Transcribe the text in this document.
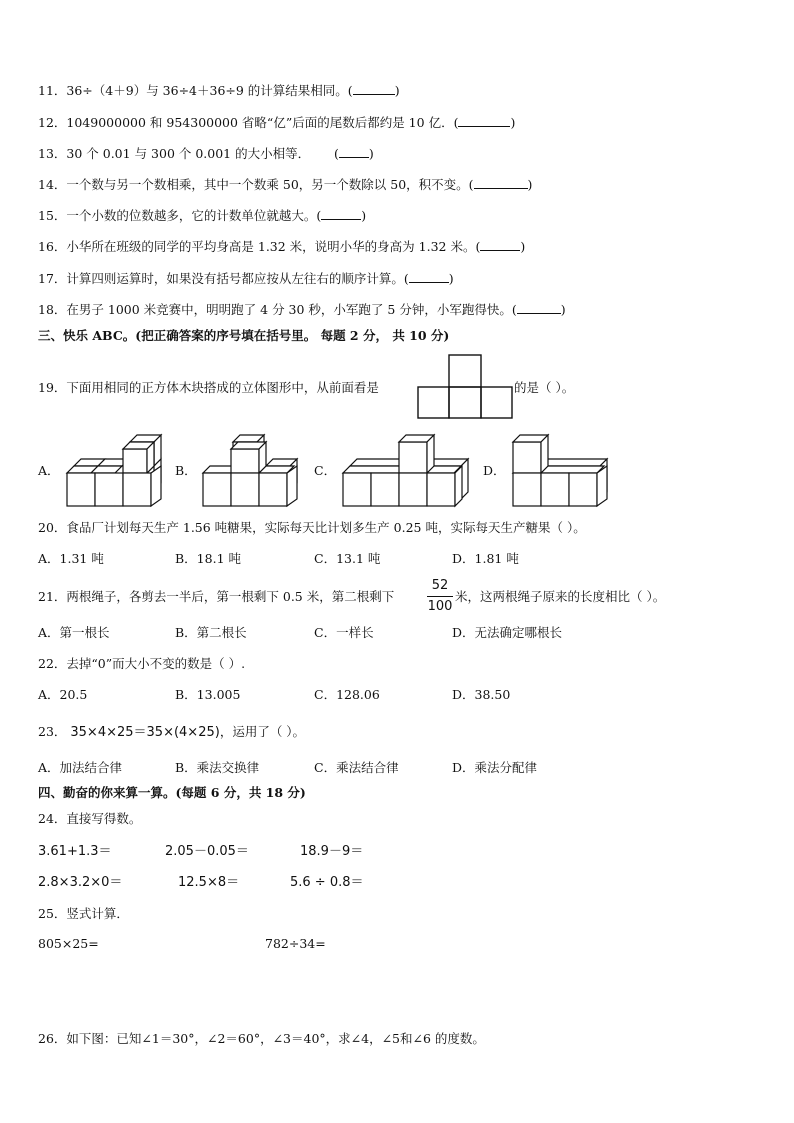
11．36÷（4＋9）与 36÷4＋36÷9 的计算结果相同。(	)
12．1049000000 和 954300000 省略“亿”后面的尾数后都约是 10 亿．(	)
13．30 个 0.01 与 300 个 0.001 的大小相等．      ( )
14．一个数与另一个数相乘，其中一个数乘 50，另一个数除以 50，积不变。(	)
15．一个小数的位数越多，它的计数单位就越大。(	)
16．小华所在班级的同学的平均身高是 1.32 米，说明小华的身高为 1.32 米。(	)
17．计算四则运算时，如果没有括号都应按从左往右的顺序计算。(	)
18．在男子 1000 米竞赛中，明明跑了 4 分 30 秒，小军跑了 5 分钟，小军跑得快。(	)
三、快乐 ABC。(把正确答案的序号填在括号里。 每题 2 分， 共 10 分)
19．下面用相同的正方体木块搭成的立体图形中，从前面看是	的是（ ）。
A．	B．	C．	D．
20．食品厂计划每天生产 1.56 吨糖果，实际每天比计划多生产 0.25 吨，实际每天生产糖果（ ）。
A．1.31 吨	B．18.1 吨	C．13.1 吨	D．1.81 吨
21．两根绳子，各剪去一半后，第一根剩下 0.5 米，第二根剩下
52
100
米，这两根绳子原来的长度相比（ ）。
A．第一根长	B．第二根长	C．一样长	D．无法确定哪根长
22．去掉“0”而大小不变的数是（ ）.
A．20.5	B．13.005	C．128.06	D．38.50
23． 35×4×25＝35×(4×25)，运用了（ ）。
A．加法结合律	B．乘法交换律	C．乘法结合律	D．乘法分配律
四、勤奋的你来算一算。(每题 6 分，共 18 分)
24．直接写得数。
3.61+1.3＝	2.05－0.05＝	18.9－9＝
2.8×3.2×0＝	12.5×8＝	5.6 ÷ 0.8＝
25．竖式计算．
805×25=	782÷34=
26．如下图：已知∠1＝30°，∠2＝60°，∠3＝40°，求∠4，∠5和∠6 的度数。
